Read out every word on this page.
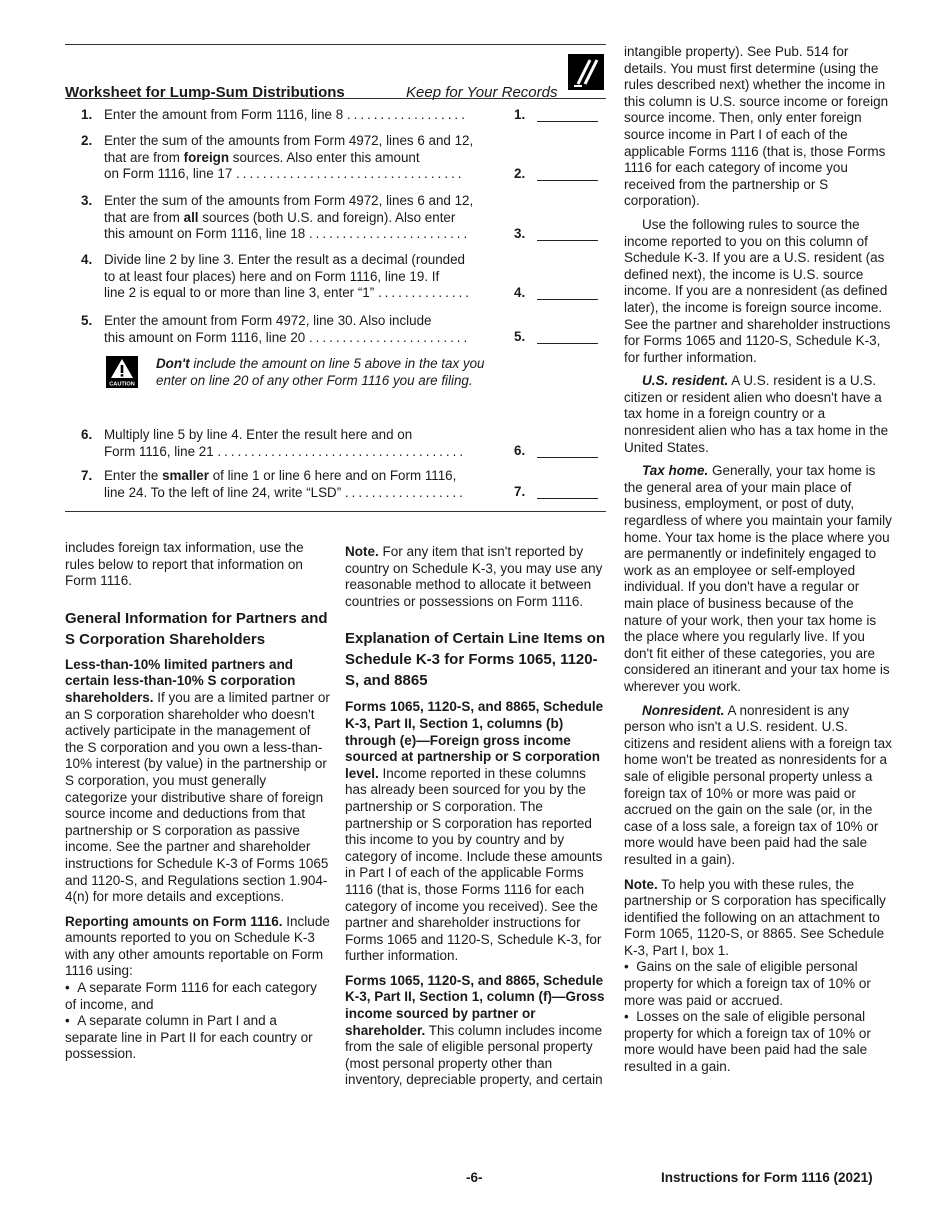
Worksheet for Lump-Sum Distributions	Keep for Your Records
1. Enter the amount from Form 1116, line 8 ..................	1.
2. Enter the sum of the amounts from Form 4972, lines 6 and 12,
that are from foreign sources. Also enter this amount
on Form 1116, line 17 ..................................	2.
3. Enter the sum of the amounts from Form 4972, lines 6 and 12,
that are from all sources (both U.S. and foreign). Also enter
this amount on Form 1116, line 18 ........................	3.
4. Divide line 2 by line 3. Enter the result as a decimal (rounded
to at least four places) here and on Form 1116, line 19. If
line 2 is equal to or more than line 3, enter “1” ..............	4.
5. Enter the amount from Form 4972, line 30. Also include
this amount on Form 1116, line 20 ........................	5.
CAUTION
Don't include the amount on line 5 above in the tax you enter on line 20 of any other Form 1116 you are filing.
6. Multiply line 5 by line 4. Enter the result here and on
Form 1116, line 21 .....................................	6.
7. Enter the smaller of line 1 or line 6 here and on Form 1116,
line 24. To the left of line 24, write “LSD” ..................	7.

includes foreign tax information, use the rules below to report that information on Form 1116.

General Information for Partners and S Corporation Shareholders

Less-than-10% limited partners and certain less-than-10% S corporation shareholders. If you are a limited partner or an S corporation shareholder who doesn't actively participate in the management of the S corporation and you own a less-than-10% interest (by value) in the partnership or S corporation, you must generally categorize your distributive share of foreign source income and deductions from that partnership or S corporation as passive income. See the partner and shareholder instructions for Schedule K-3 of Forms 1065 and 1120-S, and Regulations section 1.904-4(n) for more details and exceptions.

Reporting amounts on Form 1116. Include amounts reported to you on Schedule K-3 with any other amounts reportable on Form 1116 using:

•  A separate Form 1116 for each category of income, and

•  A separate column in Part I and a separate line in Part II for each country or possession.

Note. For any item that isn't reported by country on Schedule K-3, you may use any reasonable method to allocate it between countries or possessions on Form 1116.

Explanation of Certain Line Items on Schedule K-3 for Forms 1065, 1120-S, and 8865

Forms 1065, 1120-S, and 8865, Schedule K-3, Part II, Section 1, columns (b) through (e)—Foreign gross income sourced at partnership or S corporation level. Income reported in these columns has already been sourced for you by the partnership or S corporation. The partnership or S corporation has reported this income to you by country and by category of income. Include these amounts in Part I of each of the applicable Forms 1116 (that is, those Forms 1116 for each category of income you received). See the partner and shareholder instructions for Forms 1065 and 1120-S, Schedule K-3, for further information.

Forms 1065, 1120-S, and 8865, Schedule K-3, Part II, Section 1, column (f)—Gross income sourced by partner or shareholder. This column includes income from the sale of eligible personal property (most personal property other than inventory, depreciable property, and certain

intangible property). See Pub. 514 for details. You must first determine (using the rules described next) whether the income in this column is U.S. source income or foreign source income. Then, only enter foreign source income in Part I of each of the applicable Forms 1116 (that is, those Forms 1116 for each category of income you received from the partnership or S corporation).

Use the following rules to source the income reported to you on this column of Schedule K-3. If you are a U.S. resident (as defined next), the income is U.S. source income. If you are a nonresident (as defined later), the income is foreign source income. See the partner and shareholder instructions for Forms 1065 and 1120-S, Schedule K-3, for further information.

U.S. resident. A U.S. resident is a U.S. citizen or resident alien who doesn't have a tax home in a foreign country or a nonresident alien who has a tax home in the United States.

Tax home. Generally, your tax home is the general area of your main place of business, employment, or post of duty, regardless of where you maintain your family home. Your tax home is the place where you are permanently or indefinitely engaged to work as an employee or self-employed individual. If you don't have a regular or main place of business because of the nature of your work, then your tax home is the place where you regularly live. If you don't fit either of these categories, you are considered an itinerant and your tax home is wherever you work.

Nonresident. A nonresident is any person who isn't a U.S. resident. U.S. citizens and resident aliens with a foreign tax home won't be treated as nonresidents for a sale of eligible personal property unless a foreign tax of 10% or more was paid or accrued on the gain on the sale (or, in the case of a loss sale, a foreign tax of 10% or more would have been paid had the sale resulted in a gain).

Note. To help you with these rules, the partnership or S corporation has specifically identified the following on an attachment to Form 1065, 1120-S, or 8865. See Schedule K-3, Part I, box 1.

•  Gains on the sale of eligible personal property for which a foreign tax of 10% or more was paid or accrued.

•  Losses on the sale of eligible personal property for which a foreign tax of 10% or more would have been paid had the sale resulted in a gain.

-6-	Instructions for Form 1116 (2021)
